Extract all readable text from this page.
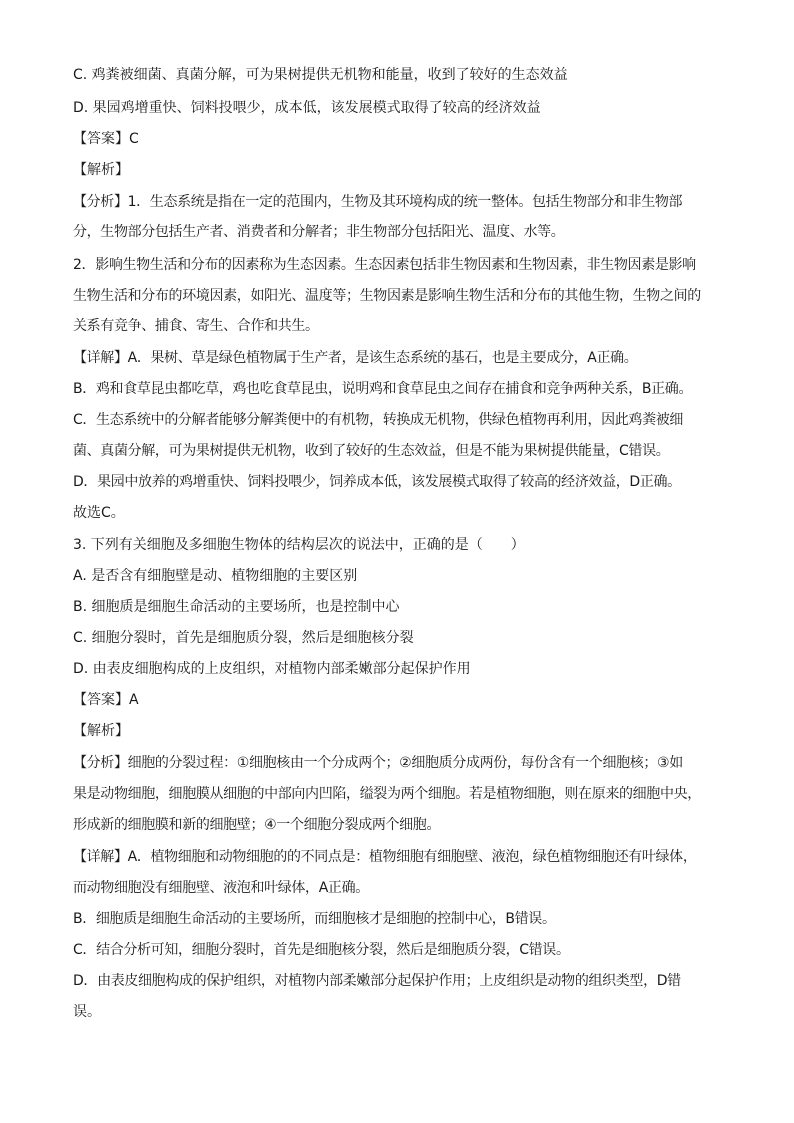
C. 鸡粪被细菌、真菌分解，可为果树提供无机物和能量，收到了较好的生态效益
D. 果园鸡增重快、饲料投喂少，成本低，该发展模式取得了较高的经济效益
【答案】C
【解析】
【分析】1．生态系统是指在一定的范围内，生物及其环境构成的统一整体。包括生物部分和非生物部
分，生物部分包括生产者、消费者和分解者；非生物部分包括阳光、温度、水等。
2．影响生物生活和分布的因素称为生态因素。生态因素包括非生物因素和生物因素，非生物因素是影响
生物生活和分布的环境因素，如阳光、温度等；生物因素是影响生物生活和分布的其他生物，生物之间的
关系有竞争、捕食、寄生、合作和共生。
【详解】A．果树、草是绿色植物属于生产者，是该生态系统的基石，也是主要成分，A正确。
B．鸡和食草昆虫都吃草，鸡也吃食草昆虫，说明鸡和食草昆虫之间存在捕食和竞争两种关系，B正确。
C．生态系统中的分解者能够分解粪便中的有机物，转换成无机物，供绿色植物再利用，因此鸡粪被细
菌、真菌分解，可为果树提供无机物，收到了较好的生态效益，但是不能为果树提供能量，C错误。
D．果园中放养的鸡增重快、饲料投喂少，饲养成本低，该发展模式取得了较高的经济效益，D正确。
故选C。
3. 下列有关细胞及多细胞生物体的结构层次的说法中，正确的是（　　）
A. 是否含有细胞壁是动、植物细胞的主要区别
B. 细胞质是细胞生命活动的主要场所，也是控制中心
C. 细胞分裂时，首先是细胞质分裂，然后是细胞核分裂
D. 由表皮细胞构成的上皮组织，对植物内部柔嫩部分起保护作用
【答案】A
【解析】
【分析】细胞的分裂过程：①细胞核由一个分成两个；②细胞质分成两份，每份含有一个细胞核；③如
果是动物细胞，细胞膜从细胞的中部向内凹陷，缢裂为两个细胞。若是植物细胞，则在原来的细胞中央，
形成新的细胞膜和新的细胞壁；④一个细胞分裂成两个细胞。
【详解】A．植物细胞和动物细胞的的不同点是：植物细胞有细胞壁、液泡，绿色植物细胞还有叶绿体，
而动物细胞没有细胞壁、液泡和叶绿体，A正确。
B．细胞质是细胞生命活动的主要场所，而细胞核才是细胞的控制中心，B错误。
C．结合分析可知，细胞分裂时，首先是细胞核分裂，然后是细胞质分裂，C错误。
D．由表皮细胞构成的保护组织，对植物内部柔嫩部分起保护作用；上皮组织是动物的组织类型，D错
误。
